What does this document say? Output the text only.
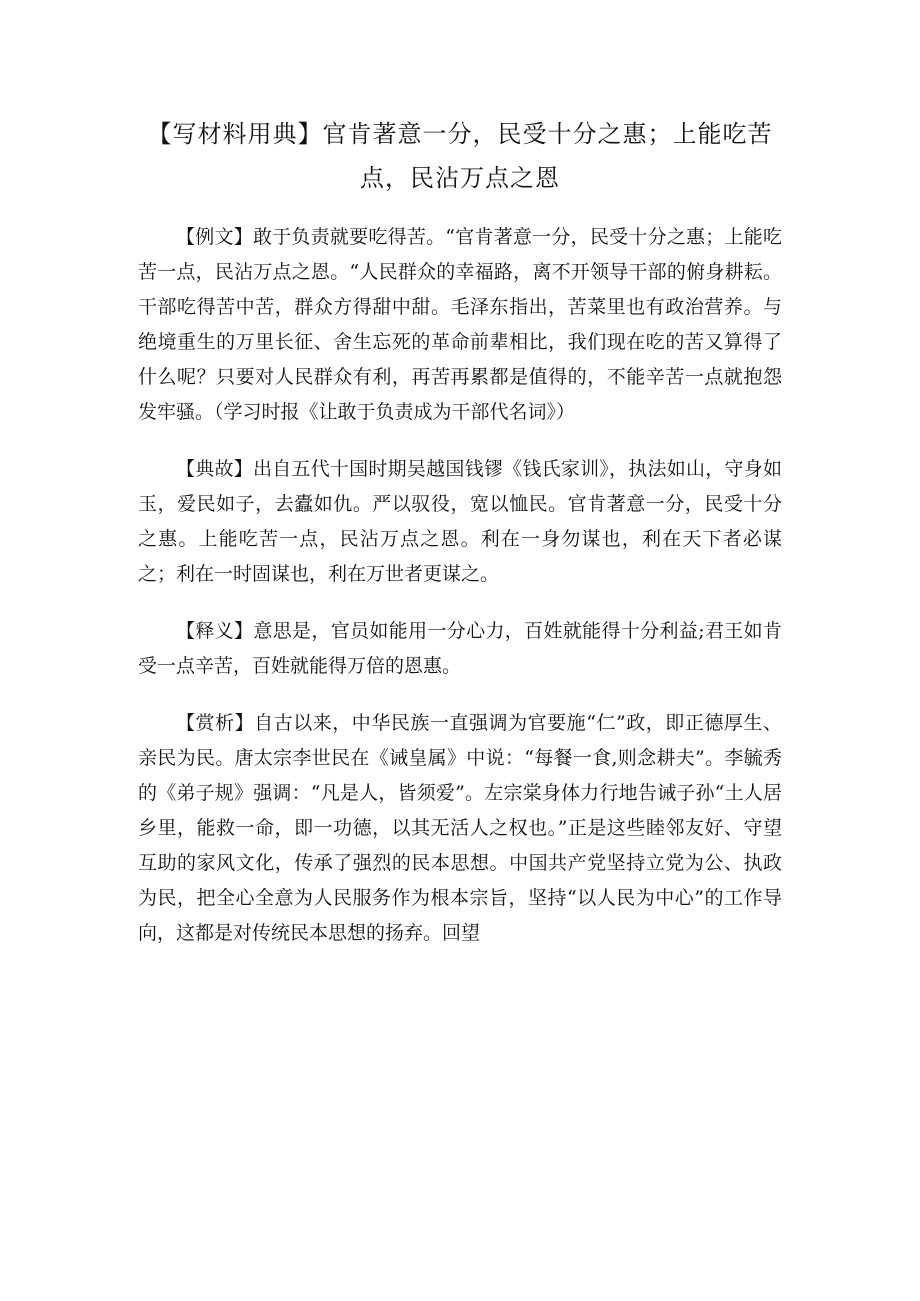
【写材料用典】官肯著意一分，民受十分之惠；上能吃苦
点，民沾万点之恩

【例文】敢于负责就要吃得苦。“官肯著意一分，民受十分之惠；上能吃苦一点，民沾万点之恩。“人民群众的幸福路，离不开领导干部的俯身耕耘。干部吃得苦中苦，群众方得甜中甜。毛泽东指出，苦菜里也有政治营养。与绝境重生的万里长征、舍生忘死的革命前辈相比，我们现在吃的苦又算得了什么呢？只要对人民群众有利，再苦再累都是值得的，不能辛苦一点就抱怨发牢骚。（学习时报《让敢于负责成为干部代名词》）

【典故】出自五代十国时期吴越国钱镠《钱氏家训》，执法如山，守身如玉，爱民如子，去蠹如仇。严以驭役，宽以恤民。官肯著意一分，民受十分之惠。上能吃苦一点，民沾万点之恩。利在一身勿谋也，利在天下者必谋之；利在一时固谋也，利在万世者更谋之。

【释义】意思是，官员如能用一分心力，百姓就能得十分利益;君王如肯受一点辛苦，百姓就能得万倍的恩惠。

【赏析】自古以来，中华民族一直强调为官要施“仁”政，即正德厚生、亲民为民。唐太宗李世民在《诫皇属》中说：“每餐一食,则念耕夫”。李毓秀的《弟子规》强调：“凡是人，皆须爱”。左宗棠身体力行地告诫子孙“土人居乡里，能救一命，即一功德，以其无活人之权也。”正是这些睦邻友好、守望互助的家风文化，传承了强烈的民本思想。中国共产党坚持立党为公、执政为民，把全心全意为人民服务作为根本宗旨，坚持“以人民为中心”的工作导向，这都是对传统民本思想的扬弃。回望
